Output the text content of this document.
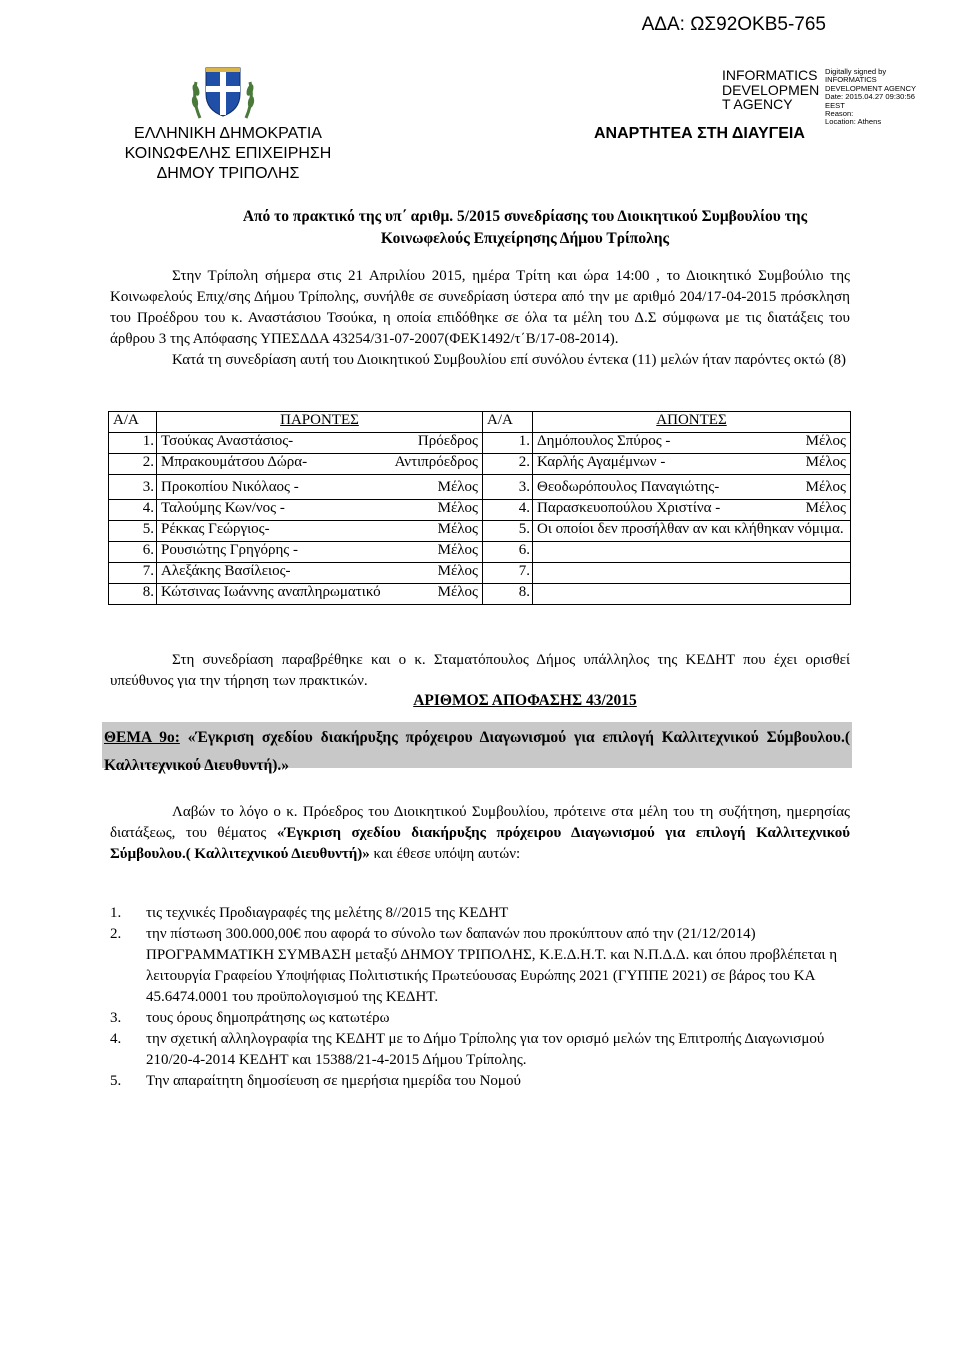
ΑΔΑ: ΩΣ92ΟΚΒ5-765
ΕΛΛΗΝΙΚΗ ΔΗΜΟΚΡΑΤΙΑ
ΚΟΙΝΩΦΕΛΗΣ ΕΠΙΧΕΙΡΗΣΗ
ΔΗΜΟΥ ΤΡΙΠΟΛΗΣ
INFORMATICS
DEVELOPMEN
T AGENCY
Digitally signed by
INFORMATICS
DEVELOPMENT AGENCY
Date: 2015.04.27 09:30:56
EEST
Reason:
Location: Athens
ΑΝΑΡΤΗΤΕΑ ΣΤΗ ΔΙΑΥΓΕΙΑ
Από το πρακτικό της υπ΄ αριθμ. 5/2015 συνεδρίασης του Διοικητικού Συμβουλίου της
Κοινωφελούς Επιχείρησης Δήμου Τρίπολης

Στην Τρίπολη σήμερα στις 21 Απριλίου 2015, ημέρα Τρίτη και ώρα 14:00 , το Διοικητικό Συμβούλιο της Κοινωφελούς Επιχ/σης Δήμου Τρίπολης, συνήλθε σε συνεδρίαση ύστερα από την με αριθμό 204/17-04-2015 πρόσκληση του Προέδρου του κ. Αναστάσιου Τσούκα, η οποία επιδόθηκε σε όλα τα μέλη του Δ.Σ σύμφωνα με τις διατάξεις του άρθρου 3 της Απόφασης ΥΠΕΣΔΔΑ 43254/31-07-2007(ΦΕΚ1492/τ΄Β/17-08-2014).

Κατά τη συνεδρίαση αυτή του Διοικητικού Συμβουλίου επί συνόλου έντεκα (11) μελών ήταν παρόντες οκτώ (8)

Α/Α	ΠΑΡΟΝΤΕΣ	Α/Α	ΑΠΟΝΤΕΣ
1.	Τσούκας Αναστάσιος- Πρόεδρος	1.	Δημόπουλος Σπύρος - Μέλος

2.	Μπρακουμάτσου Δώρα- Αντιπρόεδρος	2.	Καρλής Αγαμέμνων - Μέλος

3.	Προκοπίου Νικόλαος - Μέλος	3.	Θεοδωρόπουλος Παναγιώτης- Μέλος

4.	Ταλούμης Κων/νος - Μέλος	4.	Παρασκευοπούλου Χριστίνα - Μέλος

5.	Ρέκκας Γεώργιος- Μέλος	5.	Οι οποίοι δεν προσήλθαν αν και κλήθηκαν νόμιμα.
6.	Ρουσιώτης Γρηγόρης - Μέλος	6.	
7.	Αλεξάκης Βασίλειος- Μέλος	7.	
8.	Κώτσινας Ιωάννης αναπληρωματικό Μέλος	8.	

Στη συνεδρίαση παραβρέθηκε και ο κ. Σταματόπουλος Δήμος υπάλληλος της ΚΕΔΗΤ που έχει ορισθεί υπεύθυνος για την τήρηση των πρακτικών.

ΑΡΙΘΜΟΣ ΑΠΟΦΑΣΗΣ 43/2015

ΘΕΜΑ 9ο: «Έγκριση σχεδίου διακήρυξης πρόχειρου Διαγωνισμού για επιλογή Καλλιτεχνικού Σύμβουλου.( Καλλιτεχνικού Διευθυντή).»

Λαβών το λόγο ο κ. Πρόεδρος του Διοικητικού Συμβουλίου, πρότεινε στα μέλη του τη συζήτηση, ημερησίας διατάξεως, του θέματος «Έγκριση σχεδίου διακήρυξης πρόχειρου Διαγωνισμού για επιλογή Καλλιτεχνικού Σύμβουλου.( Καλλιτεχνικού Διευθυντή)» και έθεσε υπόψη αυτών:

1.	τις τεχνικές Προδιαγραφές της μελέτης 8//2015 της ΚΕΔΗΤ
2.	την πίστωση 300.000,00€ που αφορά το σύνολο των δαπανών που προκύπτουν από την (21/12/2014) ΠΡΟΓΡΑΜΜΑΤΙΚΗ ΣΥΜΒΑΣΗ μεταξύ ΔΗΜΟΥ ΤΡΙΠΟΛΗΣ, Κ.Ε.Δ.Η.Τ. και Ν.Π.Δ.Δ. και όπου προβλέπεται η λειτουργία Γραφείου Υποψήφιας Πολιτιστικής Πρωτεύουσας Ευρώπης 2021 (ΓΥΠΠΕ 2021) σε βάρος του ΚΑ 45.6474.0001 του προϋπολογισμού της ΚΕΔΗΤ.
3.	τους όρους δημοπράτησης ως κατωτέρω
4.	την σχετική αλληλογραφία της ΚΕΔΗΤ με το Δήμο Τρίπολης για τον ορισμό μελών της Επιτροπής Διαγωνισμού 210/20-4-2014 ΚΕΔΗΤ και 15388/21-4-2015 Δήμου Τρίπολης.
5.	Την απαραίτητη δημοσίευση σε ημερήσια ημερίδα του Νομού
